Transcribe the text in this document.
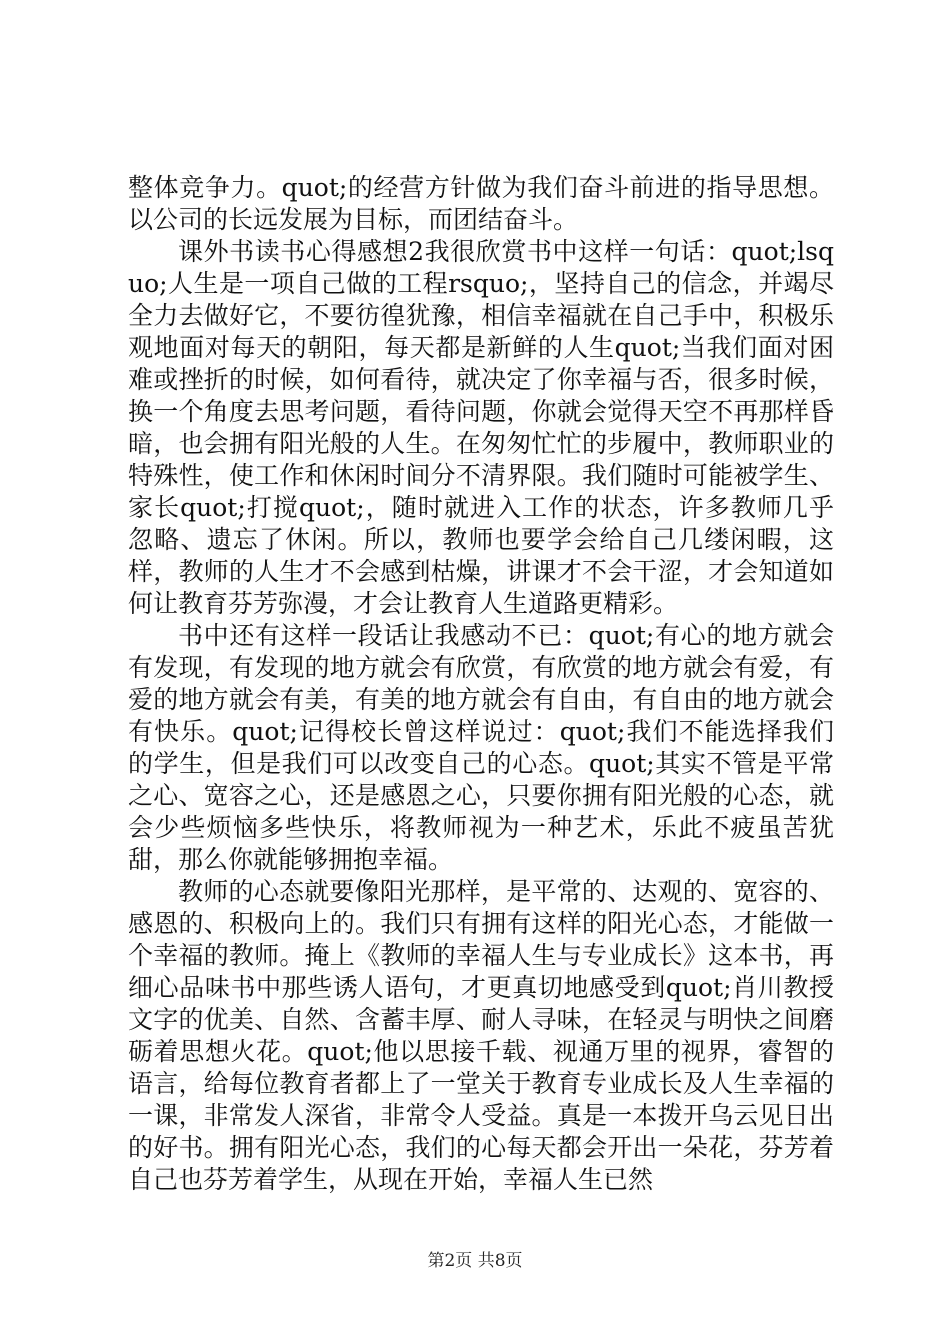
整体竞争力。quot;的经营方针做为我们奋斗前进的指导思想。以公司的长远发展为目标，而团结奋斗。

课外书读书心得感想2我很欣赏书中这样一句话：quot;lsquo;人生是一项自己做的工程rsquo;，坚持自己的信念，并竭尽全力去做好它，不要彷徨犹豫，相信幸福就在自己手中，积极乐观地面对每天的朝阳，每天都是新鲜的人生quot;当我们面对困难或挫折的时候，如何看待，就决定了你幸福与否，很多时候，换一个角度去思考问题，看待问题，你就会觉得天空不再那样昏暗，也会拥有阳光般的人生。在匆匆忙忙的步履中，教师职业的特殊性，使工作和休闲时间分不清界限。我们随时可能被学生、家长quot;打搅quot;，随时就进入工作的状态，许多教师几乎忽略、遗忘了休闲。所以，教师也要学会给自己几缕闲暇，这样，教师的人生才不会感到枯燥，讲课才不会干涩，才会知道如何让教育芬芳弥漫，才会让教育人生道路更精彩。

书中还有这样一段话让我感动不已：quot;有心的地方就会有发现，有发现的地方就会有欣赏，有欣赏的地方就会有爱，有爱的地方就会有美，有美的地方就会有自由，有自由的地方就会有快乐。quot;记得校长曾这样说过：quot;我们不能选择我们的学生，但是我们可以改变自己的心态。quot;其实不管是平常之心、宽容之心，还是感恩之心，只要你拥有阳光般的心态，就会少些烦恼多些快乐，将教师视为一种艺术，乐此不疲虽苦犹甜，那么你就能够拥抱幸福。

教师的心态就要像阳光那样，是平常的、达观的、宽容的、感恩的、积极向上的。我们只有拥有这样的阳光心态，才能做一个幸福的教师。掩上《教师的幸福人生与专业成长》这本书，再细心品味书中那些诱人语句，才更真切地感受到quot;肖川教授文字的优美、自然、含蓄丰厚、耐人寻味，在轻灵与明快之间磨砺着思想火花。quot;他以思接千载、视通万里的视界，睿智的语言，给每位教育者都上了一堂关于教育专业成长及人生幸福的一课，非常发人深省，非常令人受益。真是一本拨开乌云见日出的好书。拥有阳光心态，我们的心每天都会开出一朵花，芬芳着自己也芬芳着学生，从现在开始，幸福人生已然

第2页 共8页
